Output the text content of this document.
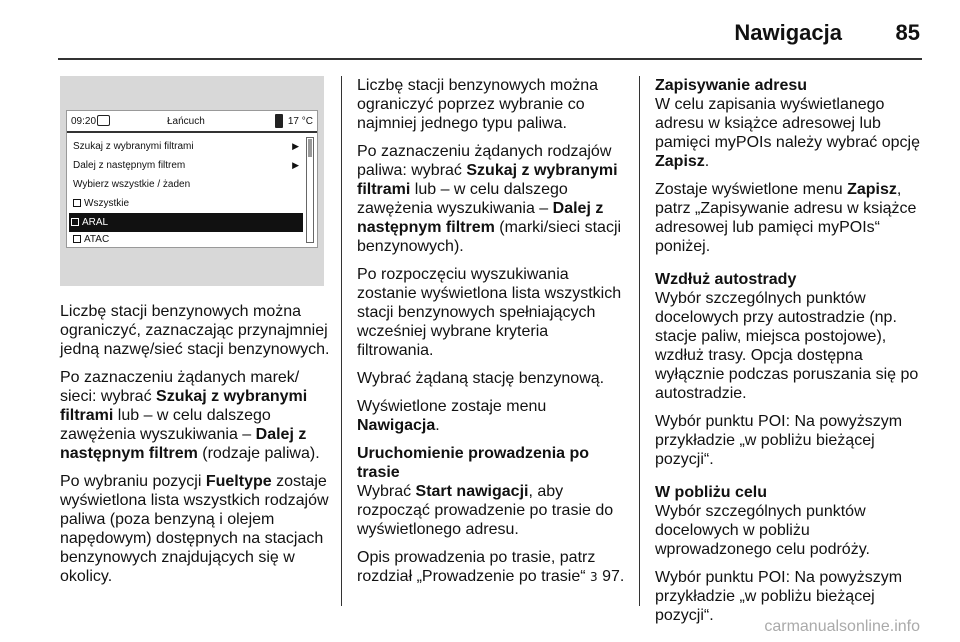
Nawigacja 85
09:20	Łańcuch	17 °C
Szukaj z wybranymi filtrami	▶
Dalej z następnym filtrem	▶
Wybierz wszystkie / żaden
Wszystkie
ARAL
ATAC

Liczbę stacji benzynowych można ograniczyć, zaznaczając przynajmniej jedną nazwę/sieć stacji benzynowych.

Po zaznaczeniu żądanych marek/ sieci: wybrać Szukaj z wybranymi filtrami lub – w celu dalszego zawężenia wyszukiwania – Dalej z następnym filtrem (rodzaje paliwa).

Po wybraniu pozycji Fueltype zostaje wyświetlona lista wszystkich rodzajów paliwa (poza benzyną i olejem napędowym) dostępnych na stacjach benzynowych znajdujących się w okolicy.

Liczbę stacji benzynowych można ograniczyć poprzez wybranie co najmniej jednego typu paliwa.

Po zaznaczeniu żądanych rodzajów paliwa: wybrać Szukaj z wybranymi filtrami lub – w celu dalszego zawężenia wyszukiwania – Dalej z następnym filtrem (marki/sieci stacji benzynowych).

Po rozpoczęciu wyszukiwania zostanie wyświetlona lista wszystkich stacji benzynowych spełniających wcześniej wybrane kryteria filtrowania.

Wybrać żądaną stację benzynową.

Wyświetlone zostaje menu
Nawigacja.

Uruchomienie prowadzenia po trasie

Wybrać Start nawigacji, aby rozpocząć prowadzenie po trasie do wyświetlonego adresu.

Opis prowadzenia po trasie, patrz rozdział „Prowadzenie po trasie“ 3 97.

Zapisywanie adresu

W celu zapisania wyświetlanego adresu w książce adresowej lub pamięci myPOIs należy wybrać opcję Zapisz.

Zostaje wyświetlone menu Zapisz, patrz „Zapisywanie adresu w książce adresowej lub pamięci myPOIs“ poniżej.

Wzdłuż autostrady

Wybór szczególnych punktów docelowych przy autostradzie (np. stacje paliw, miejsca postojowe), wzdłuż trasy. Opcja dostępna wyłącznie podczas poruszania się po autostradzie.

Wybór punktu POI: Na powyższym przykładzie „w pobliżu bieżącej pozycji“.

W pobliżu celu

Wybór szczególnych punktów docelowych w pobliżu wprowadzonego celu podróży.

Wybór punktu POI: Na powyższym przykładzie „w pobliżu bieżącej pozycji“.

carmanualsonline.info
